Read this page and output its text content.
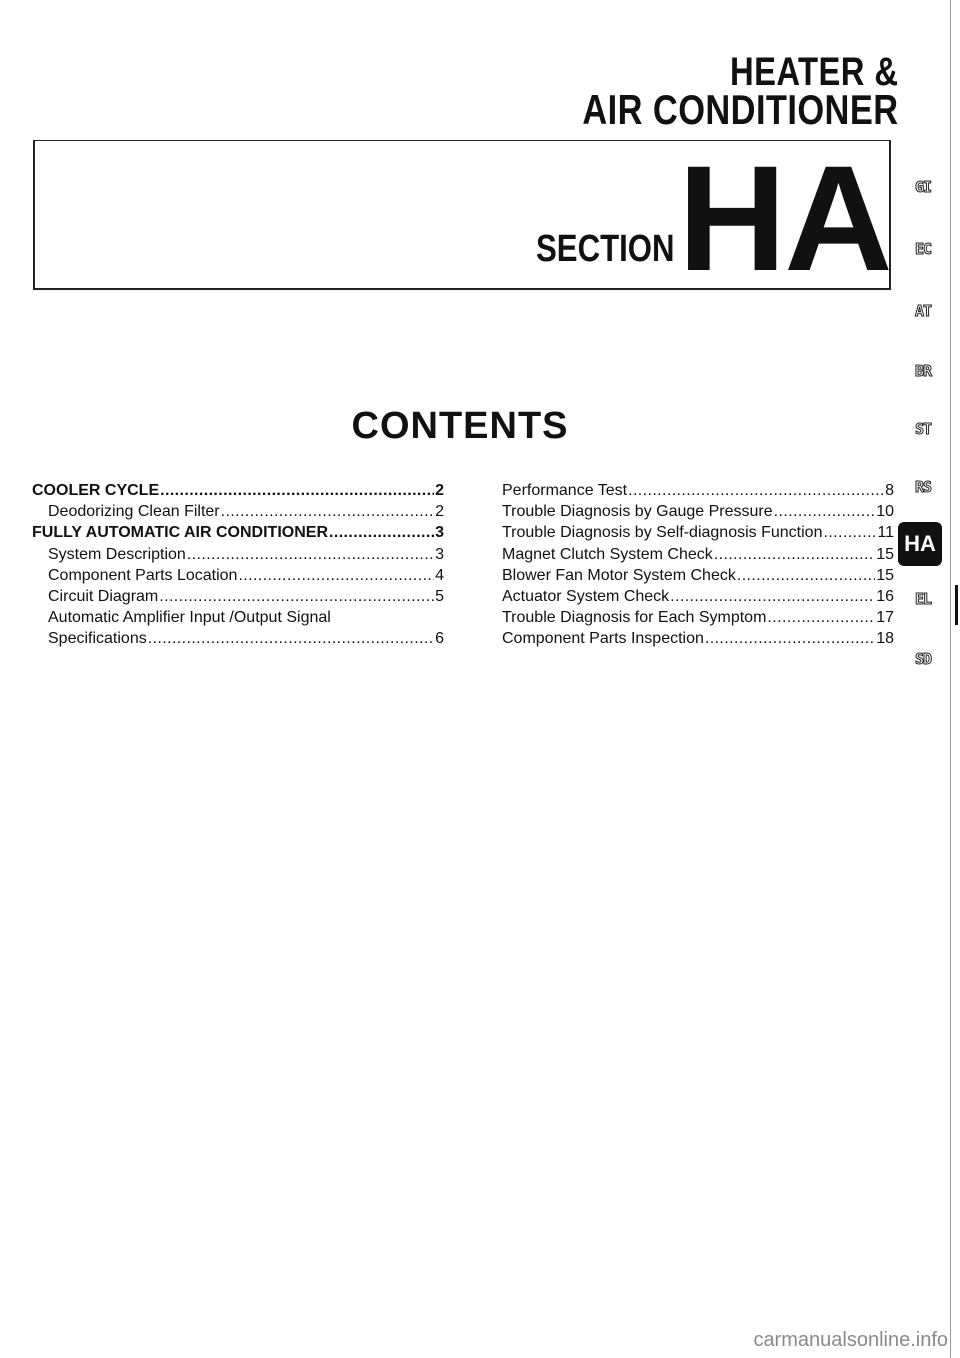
HEATER &
AIR CONDITIONER
SECTION HA
CONTENTS
COOLER CYCLE .....	2
Deodorizing Clean Filter .....	2
FULLY AUTOMATIC AIR CONDITIONER .....	3
System Description .....	3
Component Parts Location .....	4
Circuit Diagram .....	5
Automatic Amplifier Input /Output Signal
Specifications .....	6
Performance Test .....	8
Trouble Diagnosis by Gauge Pressure .....	10
Trouble Diagnosis by Self-diagnosis Function .....	11
Magnet Clutch System Check .....	15
Blower Fan Motor System Check .....	15
Actuator System Check .....	16
Trouble Diagnosis for Each Symptom .....	17
Component Parts Inspection .....	18
GI
EC
AT
BR
ST
RS
HA
EL
SD
carmanualsonline.info
